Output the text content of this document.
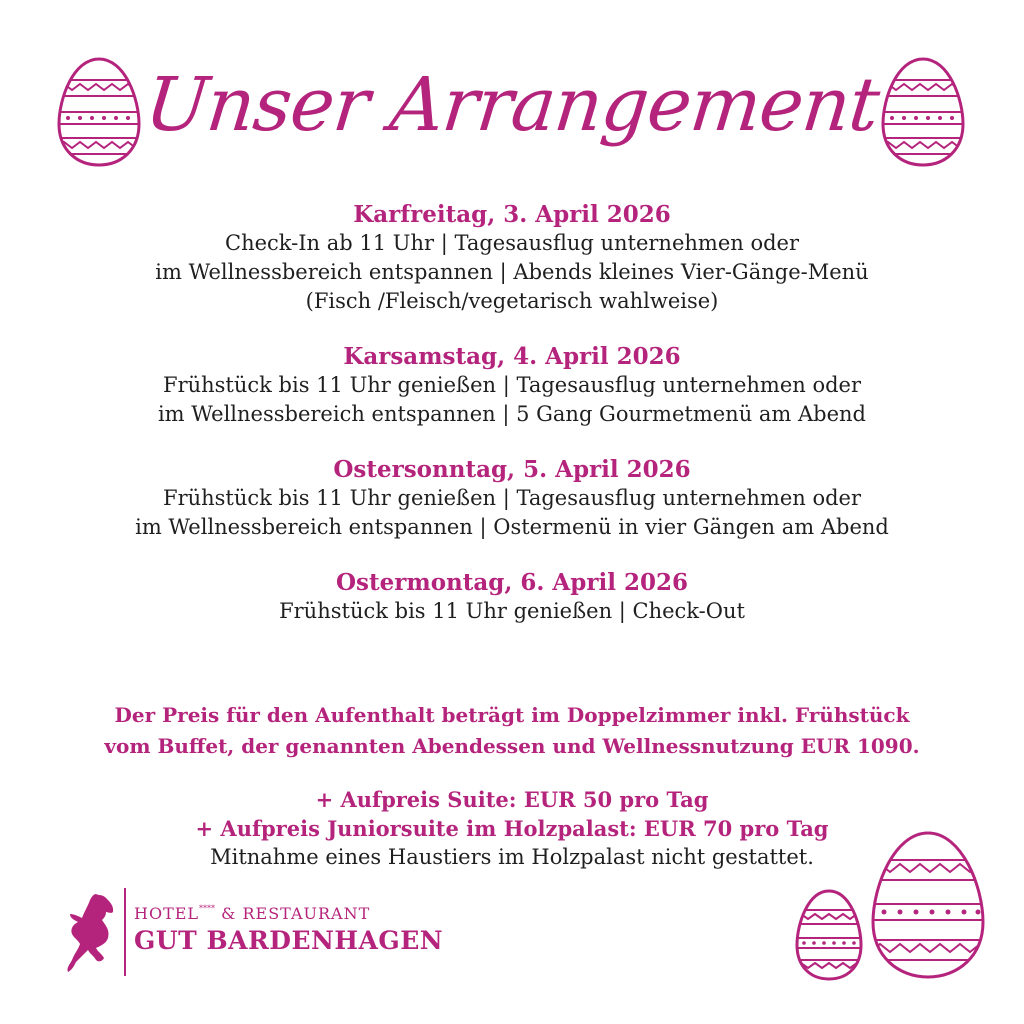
Unser Arrangement
Karfreitag, 3. April 2026
Check-In ab 11 Uhr | Tagesausflug unternehmen oder
im Wellnessbereich entspannen | Abends kleines Vier-Gänge-Menü
(Fisch /Fleisch/vegetarisch wahlweise)
Karsamstag, 4. April 2026
Frühstück bis 11 Uhr genießen | Tagesausflug unternehmen oder
im Wellnessbereich entspannen | 5 Gang Gourmetmenü am Abend
Ostersonntag, 5. April 2026
Frühstück bis 11 Uhr genießen | Tagesausflug unternehmen oder
im Wellnessbereich entspannen | Ostermenü in vier Gängen am Abend
Ostermontag, 6. April 2026
Frühstück bis 11 Uhr genießen | Check-Out
Der Preis für den Aufenthalt beträgt im Doppelzimmer inkl. Frühstück
vom Buffet, der genannten Abendessen und Wellnessnutzung EUR 1090.
+ Aufpreis Suite: EUR 50 pro Tag
+ Aufpreis Juniorsuite im Holzpalast: EUR 70 pro Tag
Mitnahme eines Haustiers im Holzpalast nicht gestattet.
HOTEL**** & RESTAURANT
GUT BARDENHAGEN
